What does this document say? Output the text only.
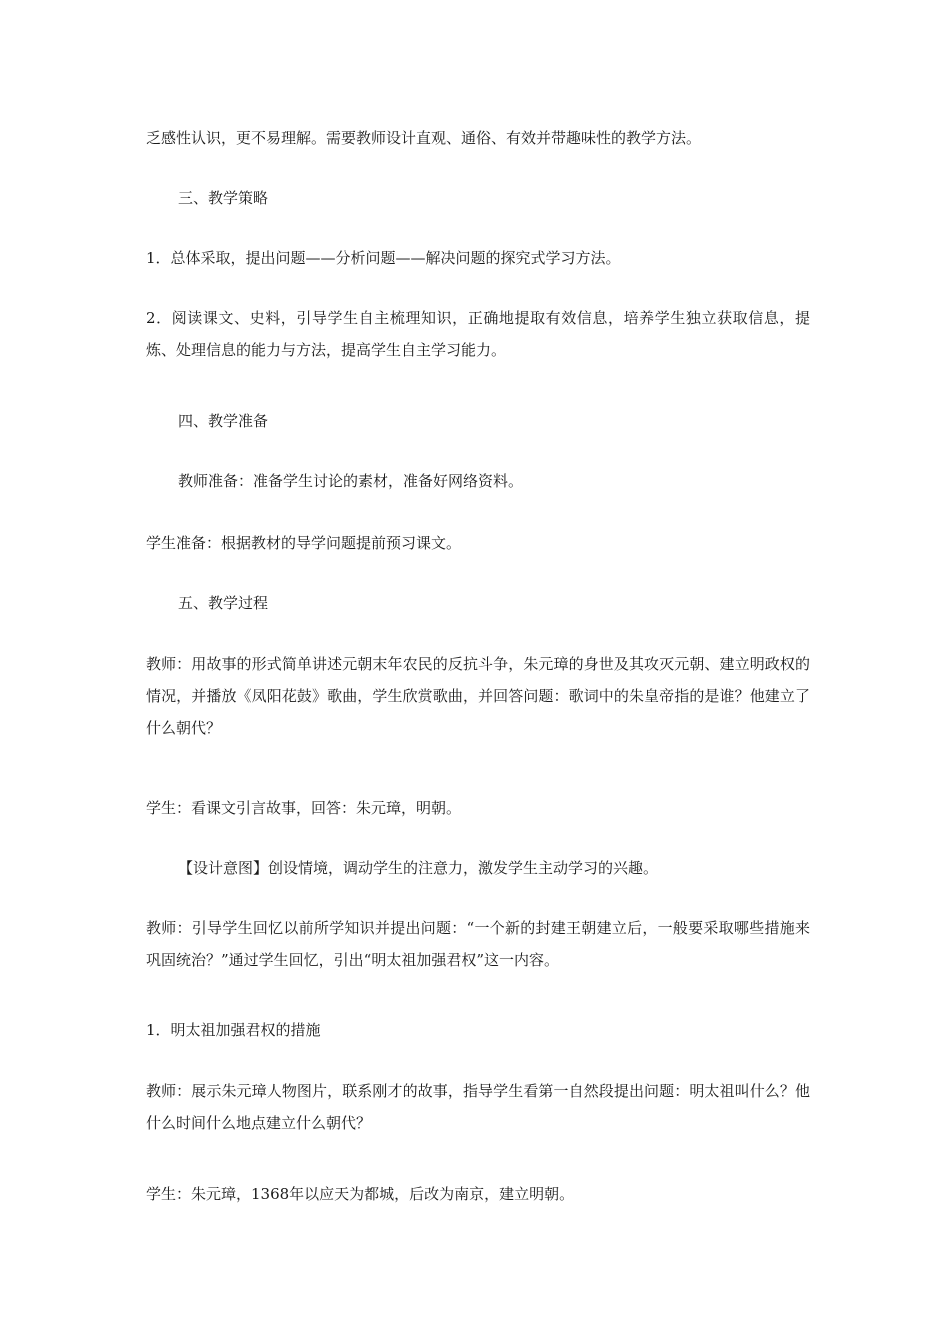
乏感性认识，更不易理解。需要教师设计直观、通俗、有效并带趣味性的教学方法。

三、教学策略

1．总体采取，提出问题——分析问题——解决问题的探究式学习方法。

2．阅读课文、史料，引导学生自主梳理知识，正确地提取有效信息，培养学生独立获取信息，提炼、处理信息的能力与方法，提高学生自主学习能力。

四、教学准备

教师准备：准备学生讨论的素材，准备好网络资料。

学生准备：根据教材的导学问题提前预习课文。

五、教学过程

教师：用故事的形式简单讲述元朝末年农民的反抗斗争，朱元璋的身世及其攻灭元朝、建立明政权的情况，并播放《凤阳花鼓》歌曲，学生欣赏歌曲，并回答问题：歌词中的朱皇帝指的是谁？他建立了什么朝代？

学生：看课文引言故事，回答：朱元璋，明朝。

【设计意图】创设情境，调动学生的注意力，激发学生主动学习的兴趣。

教师：引导学生回忆以前所学知识并提出问题：“一个新的封建王朝建立后，一般要采取哪些措施来巩固统治？”通过学生回忆，引出“明太祖加强君权”这一内容。

1．明太祖加强君权的措施

教师：展示朱元璋人物图片，联系刚才的故事，指导学生看第一自然段提出问题：明太祖叫什么？他什么时间什么地点建立什么朝代？

学生：朱元璋，1368年以应天为都城，后改为南京，建立明朝。
